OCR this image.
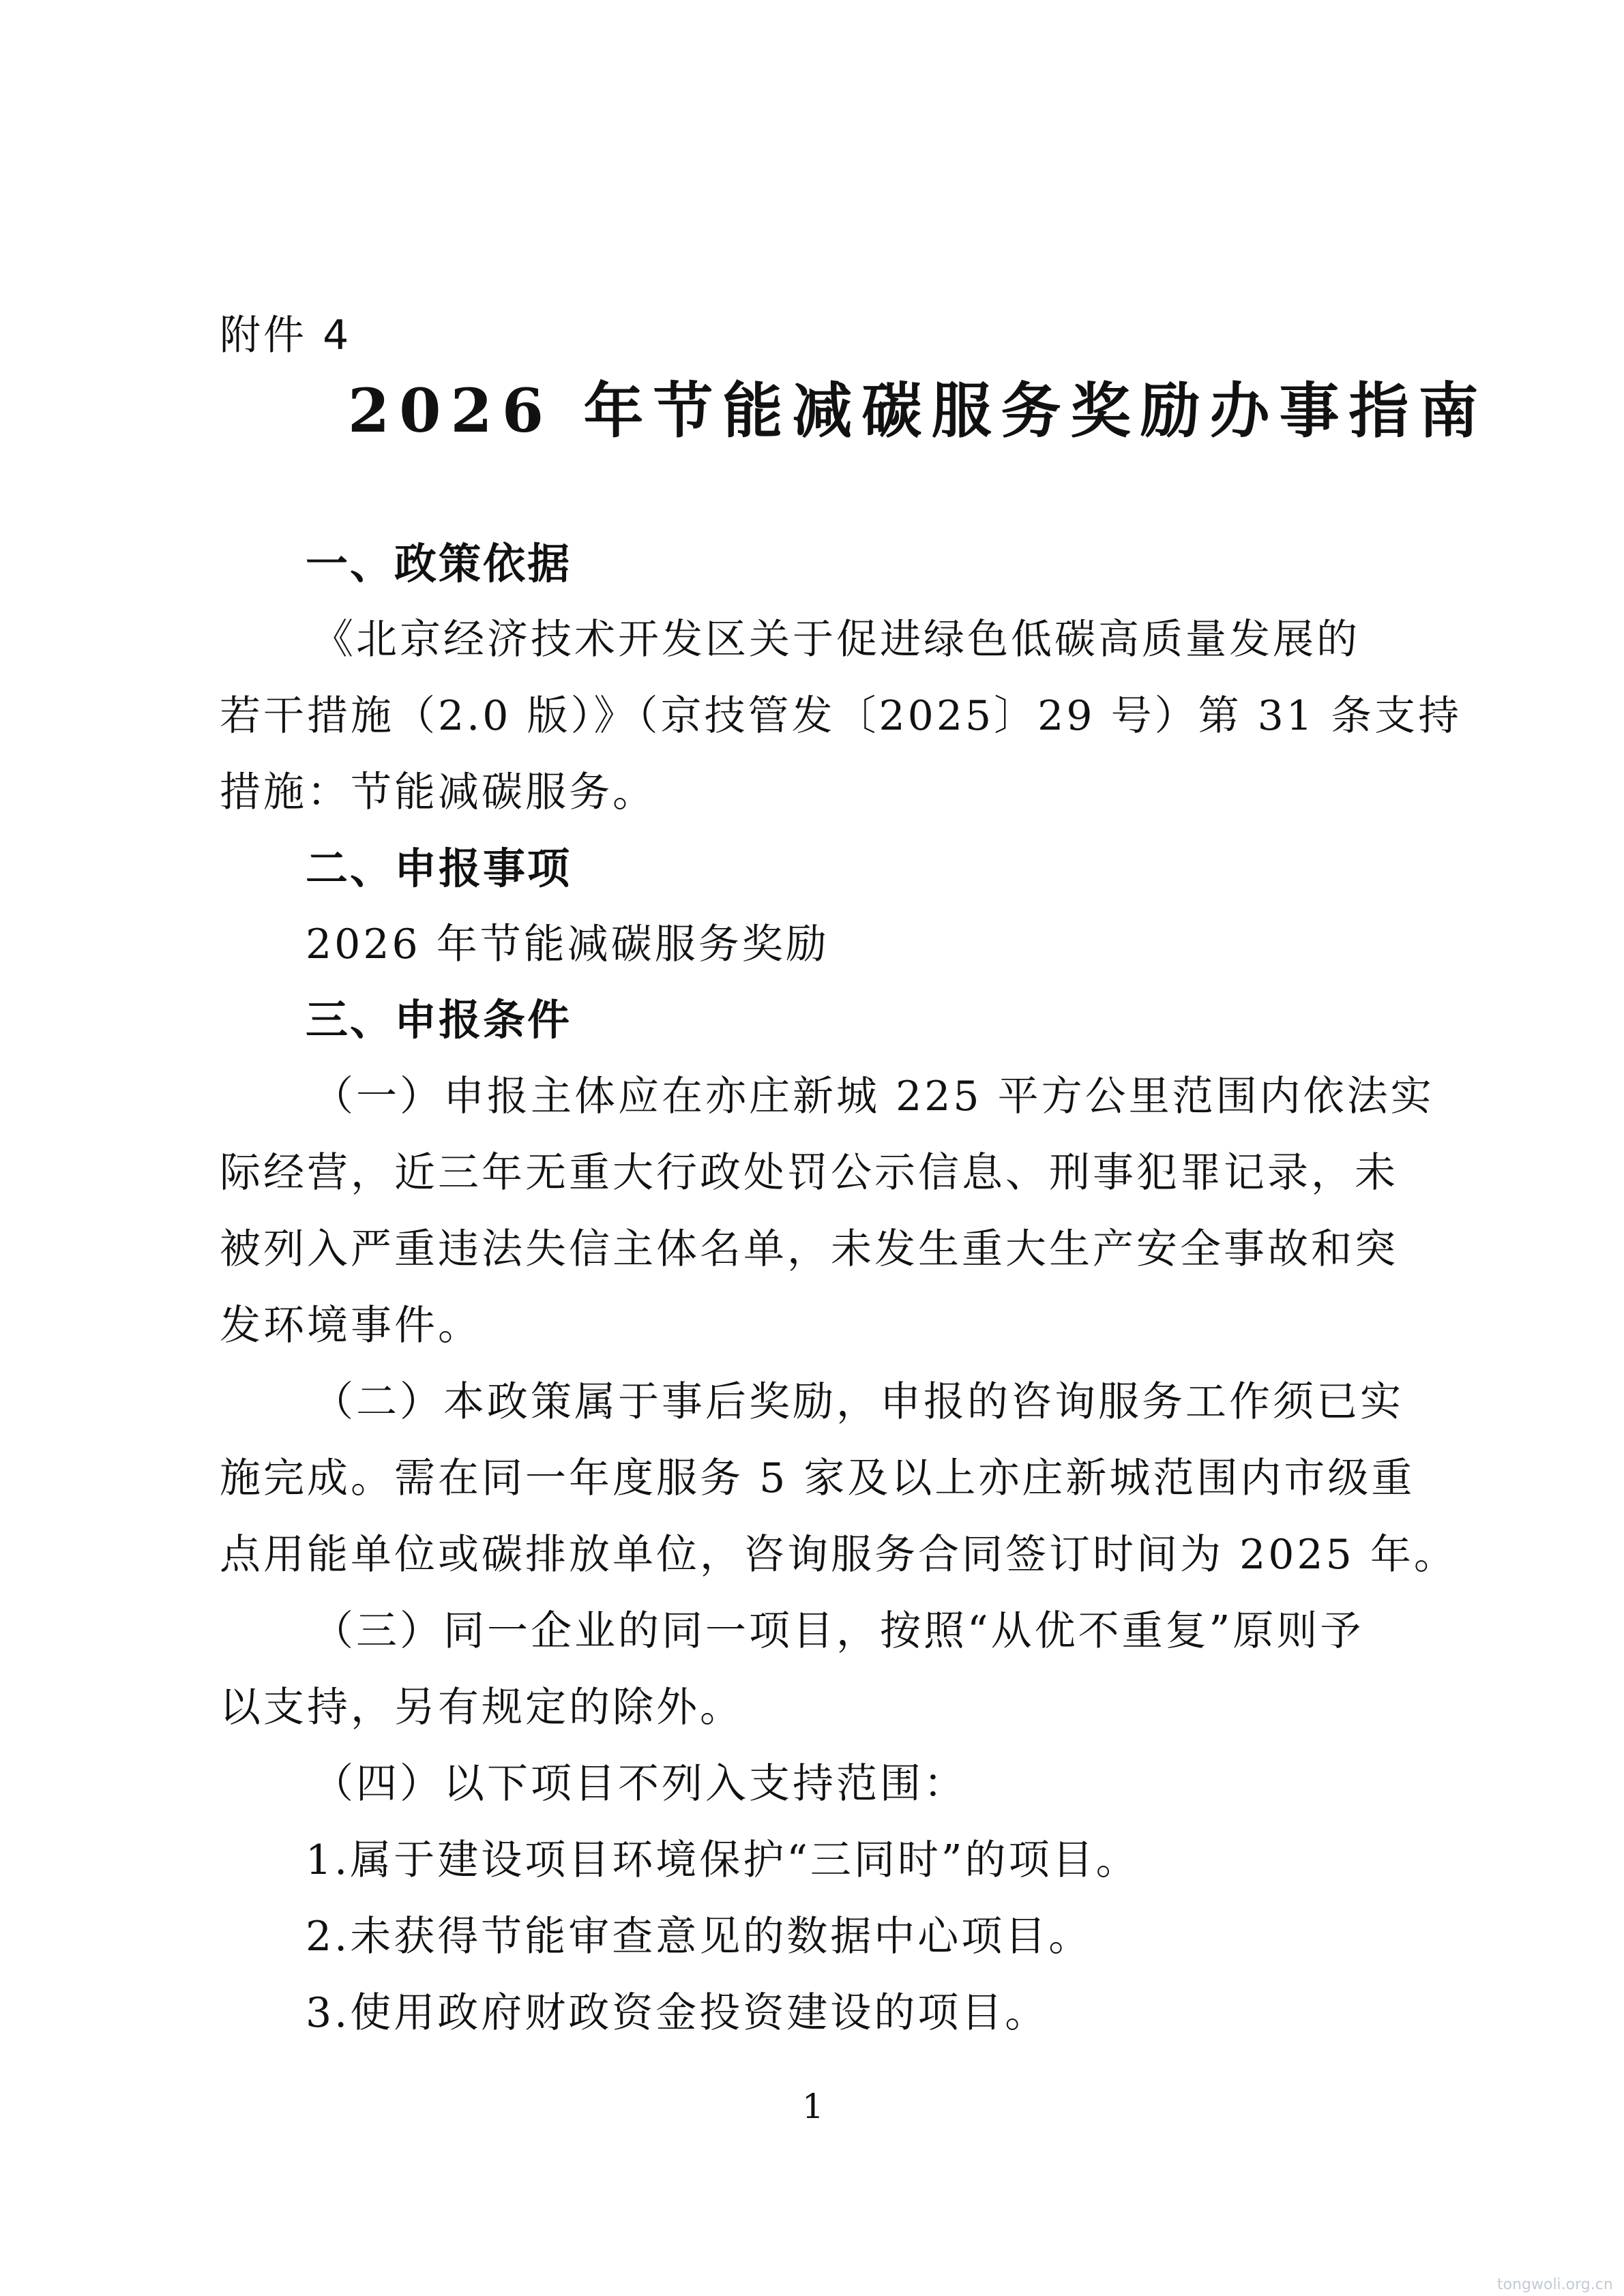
附件 4
2026 年节能减碳服务奖励办事指南
一、政策依据
《北京经济技术开发区关于促进绿色低碳高质量发展的
若干措施（2.0 版）》（京技管发〔2025〕29 号）第 31 条支持
措施：节能减碳服务。
二、申报事项
2026 年节能减碳服务奖励
三、申报条件
（一）申报主体应在亦庄新城 225 平方公里范围内依法实
际经营，近三年无重大行政处罚公示信息、刑事犯罪记录，未
被列入严重违法失信主体名单，未发生重大生产安全事故和突
发环境事件。
（二）本政策属于事后奖励，申报的咨询服务工作须已实
施完成。需在同一年度服务 5 家及以上亦庄新城范围内市级重
点用能单位或碳排放单位，咨询服务合同签订时间为 2025 年。
（三）同一企业的同一项目，按照“从优不重复”原则予
以支持，另有规定的除外。
（四）以下项目不列入支持范围：
1.属于建设项目环境保护“三同时”的项目。
2.未获得节能审查意见的数据中心项目。
3.使用政府财政资金投资建设的项目。
1
tongwoli.org.cn
